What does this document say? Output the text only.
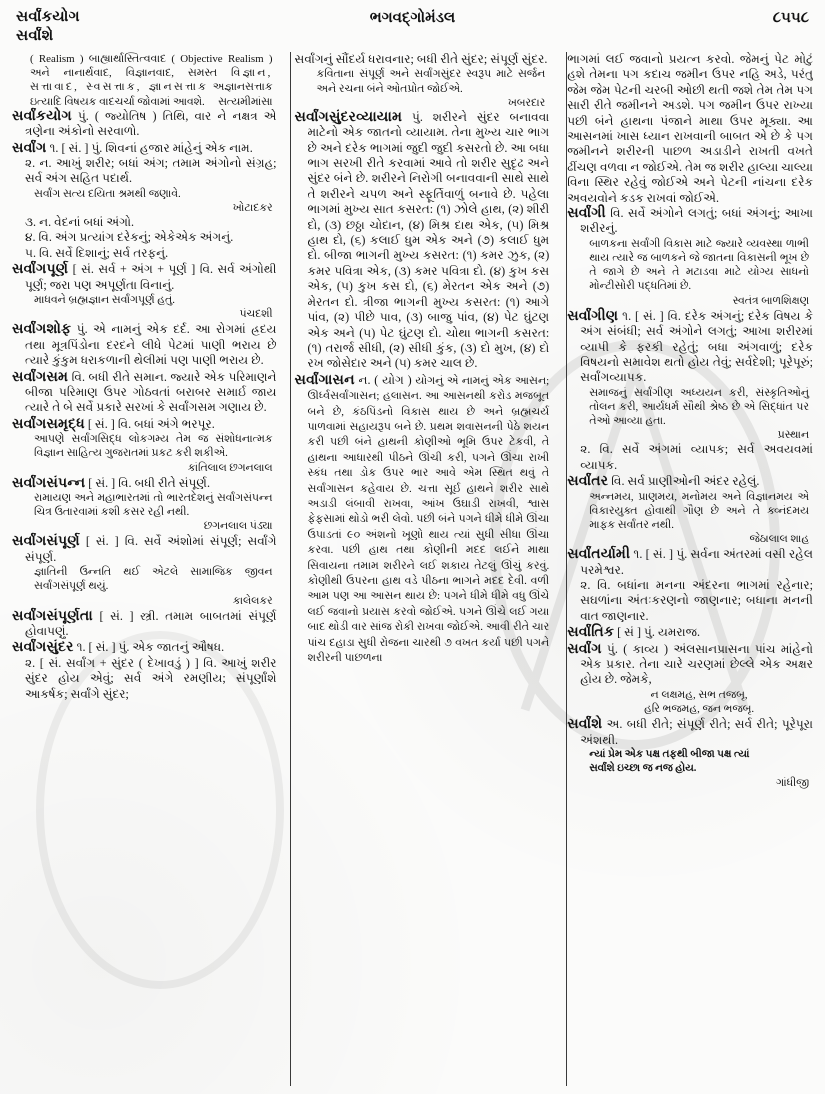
સર્વાંકયોગ
સર્વાંશે
ભગવદ્ગોમંડલ	૮૫૫૮
( Realism ) બાહ્યાર્થાસ્તિત્વવાદ ( Objective Realism ) અને નાનાર્થવાદ, વિજ્ઞાનવાદ, સમસ્ત વિજ્ઞાન, સત્તાવાદ, સ્વસત્તાક, જ્ઞાનસત્તાક અજ્ઞાનસત્તાક ઇત્યાદિ વિષયક વાદચર્ચા જોવામાં આવશે. સત્યમીમાંસા

સર્વાંકયોગ પું. ( જ્યોતિષ ) તિથિ, વાર ને નક્ષત્ર એ ત્રણેના અંકોનો સરવાળો.

સર્વાંગ ૧. [ સં. ] પું. શિવનાં હજાર માંહેનું એક નામ.

૨. ન. આખું શરીર; બધાં અંગ; તમામ અંગોનો સંગ્રહ; સર્વ અંગ સહિત પદાર્થ.

સર્વાંગ સત્ય દયિતા શ્રમથી જણાવે.

ખોટાદકર

૩. ન. વેદનાં બધાં અંગો.

૪. વિ. અંગ પ્રત્યાંગ દરેકનું; એકેએક અંગનું.

૫. વિ. સર્વે દિશાનું; સર્વ તરફનું.

સર્વાંગપૂર્ણ [ સં. સર્વ + અંગ + પૂર્ણ ] વિ. સર્વ અંગોથી પૂર્ણ; જરા પણ અપૂર્ણતા વિનાનું.

માધવને બ્રહ્મજ્ઞાન સર્વાંગપૂર્ણ હતું.

પંચદશી

સર્વાંગશોફ પું. એ નામનું એક દર્દ. આ રોગમાં હ્રદય તથા મૂત્રપિંડોના દરદને લીધે પેટમાં પાણી ભરાય છે ત્યારે કુંકુમ ધરાકળાની થેલીમાં પણ પાણી ભરાય છે.

સર્વાંગસમ વિ. બધી રીતે સમાન. જ્યારે એક પરિમાણને બીજા પરિમાણ ઉપર ગોઠવતાં બરાબર સમાર્ઇ જાય ત્યારે તે બે સર્વે પ્રકારે સરખાં કે સર્વાંગસમ ગણાય છે.

સર્વાંગસમૃદ્ધ [ સં. ] વિ. બધાં અંગે ભરપૂર.

આપણે સર્વાંગસિદ્ધ લોકગમ્ય તેમ જ સંશોધનાત્મક વિજ્ઞાન સાહિત્ય ગુજરાતમાં પ્રકટ કરી શકીએ.

કાંતિલાલ છગનલાલ

સર્વાંગસંપન્ન [ સં. ] વિ. બધી રીતે સંપૂર્ણ.

રામાયણ અને મહાભારતમાં તો ભારતદેશનું સર્વાંગસંપન્ન ચિત્ર ઉતારવામાં કશી કસર રહી નથી.

છગનલાલ પંડ્યા

સર્વાંગસંપૂર્ણ [ સં. ] વિ. સર્વે અંશોમાં સંપૂર્ણ; સર્વાંગે સંપૂર્ણ.

જ્ઞાતિની ઉન્નતિ થઈ એટલે સામાજિક જીવન સર્વાંગસંપૂર્ણ થયું.

કાલેલકર

સર્વાંગસંપૂર્ણતા [ સં. ] સ્ત્રી. તમામ બાબતમાં સંપૂર્ણ હોવાપણું.

સર્વાંગસુંદર ૧. [ સં. ] પું. એક જાતનું ઔષધ.

૨. [ સં. સર્વાંગ + સુંદર ( દેખાવડું ) ] વિ. આખું શરીર સુંદર હોય એવું; સર્વ અંગે રમણીય; સંપૂર્ણાંશે આકર્ષક; સર્વાંગે સુંદર;

સર્વાંગનું સૌંદર્ય ધરાવનાર; બધી રીતે સુંદર; સંપૂર્ણ સુંદર.

કવિતાના સંપૂર્ણ અને સર્વાંગસુંદર સ્વરૂપ માટે સર્જન અને રચના બંને ઓતપ્રોત જોઈએ.

ખબરદાર

સર્વાંગસુંદરવ્યાયામ પું. શરીરને સુંદર બનાવવા માટેનો એક જાતનો વ્યાયામ. તેના મુખ્ય ચાર ભાગ છે અને દરેક ભાગમાં જુદી જુદી કસરતો છે. આ બધા ભાગ સરખી રીતે કરવામાં આવે તો શરીર સુદૃઢ અને સુંદર બંને છે. શરીરને નિરોગી બનાવવાની સાથે સાથે તે શરીરને ચપળ અને સ્ફૂર્તિવાળું બનાવે છે. પહેલા ભાગમાં મુખ્ય સાત કસરત: (૧) ઝોલે હાથ, (૨) શીરી દો, (૩) છઠ્ઠા ચોદાન, (૪) મિશ્ર દાથ એક, (૫) મિશ્ર હાથ દો, (૬) કલાઈ ધુમ એક અને (૭) કલાઈ ધુમ દો. બીજા ભાગની મુખ્ય કસરત: (૧) કમર ઝુક, (૨) કમર પવિત્રા એક, (૩) કમર પવિત્રા દો. (૪) કુખ કસ એક, (૫) કુખ કસ દો, (૬) મેરતન એક અને (૭) મેરતન દો. ત્રીજા ભાગની મુખ્ય કસરત: (૧) આગે પાંવ, (૨) પીછે પાવ, (૩) બાજુ પાંવ, (૪) પેટ ઘુંટણ એક અને (૫) પેટ ઘુંટણ દો. ચોથા ભાગની કસરત: (૧) તરાર્જ સીધી, (૨) સીધી કુંક, (૩) દો મુખ, (૪) દો રખ જોસેદાર અને (૫) કમર ચાલ છે.

સર્વાંગાસન ન. ( યોગ ) યોગનું એ નામનું એક આસન; ઊર્ધ્વસર્વાંગાસન; હલાસન. આ આસનથી કરોડ મજબૂત બને છે, કંઠપિંડનો વિકાસ થાય છે અને બ્રહ્મચર્ય પાળવામાં સહાયરૂપ બને છે. પ્રથમ શવાસનની પેઠે શયન કરી પછી બંને હાથની કોણીઓ ભૂમિ ઉપર ટેકવી, તે હાથના આધારથી પીઠને ઊંચી કરી, પગને ઊંચા રાખી સ્કંધ તથા ડોક ઉપર ભાર આવે એમ સ્થિત થવું તે સર્વાંગાસન કહેવાય છે. ચત્તા સૂર્ઇ હાથને શરીર સાથે અડાડી લંબાવી રાખવા, આંખ ઉઘાડી રાખવી, શ્વાસ ફેફસામાં થોડો ભરી લેવો. પછી બંને પગને ધીમે ધીમે ઊંચા ઉપાડતાં ૯૦ અંશનો ખૂણો થાય ત્યાં સુધી સીધા ઊંચા કરવા. પછી હાથ તથા કોણીની મદદ લઈને માથા સિવાયના તમામ શરીરને લઈ શકાય તેટલું ઊંચું કરવું. કોણીથી ઉપરના હાથ વડે પીઠના ભાગને મદદ દેવી. વળી આમ પણ આ આસન થાય છે: પગને ધીમે ધીમે વધુ ઊંચે લઈ જવાનો પ્રયાસ કરવો જોઈએ. પગને ઊંચે લઈ ગયા બાદ થોડી વાર સાંજ રોકી રાખવા જોઈએ. આવી રીતે ચાર પાંચ દહાડા સુધી રોજના ચારથી ૭ વખત કર્યા પછી પગને શરીરની પાછળના

ભાગમાં લઈ જવાનો પ્રયત્ન કરવો. જેમનું પેટ મોટું હશે તેમના પગ કદાચ જમીન ઉપર નહિ અડે, પરંતુ જેમ જેમ પેટની ચરબી ઓછી થતી જશે તેમ તેમ પગ સારી રીતે જમીનને અડશે. પગ જમીન ઉપર રાખ્યા પછી બંને હાથના પંજાને માથા ઉપર મૂક્યા. આ આસનમાં ખાસ ધ્યાન રાખવાની બાબત એ છે કે પગ જમીનને શરીરની પાછળ અડાડીને રાખતી વખતે ઢીંચણ વળવા ન જોઈએ. તેમ જ શરીર હાલ્યા ચાલ્યા વિના સ્થિર રહેવું જોઈએ અને પેટની નાંચના દરેક અવયવોને કડક રાખવાં જોઈએ.

સર્વાંગી વિ. સર્વે અંગોને લગતું; બધાં અંગનું; આખા શરીરનું.

બાળકના સર્વાંગી વિકાસ માટે જ્યારે વ્યવસ્થા ળાભી થાય ત્યારે જ બાળકને જે જાતના વિકાસની ભૂખ છે તે જાગે છે અને તે મટાડવા માટે યોગ્ય સાધનો મોન્ટીસોરી પદ્ધતિમાં છે.

સ્વતંત્ર બાળશિક્ષણ

સર્વાંગીણ ૧. [ સં. ] વિ. દરેક અંગનું; દરેક વિષય કે અંગ સંબંધી; સર્વ અંગોને લગતું; આખા શરીરમાં વ્યાપી કે ફરકી રહેતું; બધા અંગવાળું; દરેક વિષયનો સમાવેશ થતો હોય તેવું; સર્વદેશી; પૂરેપૂરું; સર્વાંગવ્યાપક.

સમાજનું સર્વાંગીણ અધ્યયન કરી, સંસ્કૃતિઓનું તોલન કરી, આર્યધર્મ સૌથી શ્રેષ્ઠ છે એ સિદ્ધાંત પર તેઓ આવ્યા હતા.

પ્રસ્થાન

૨. વિ. સર્વે અંગમાં વ્યાપક; સર્વ અવયવમાં વ્યાપક.

સર્વાંતર વિ. સર્વ પ્રાણીઓની અંદર રહેલું.

અન્નમય, પ્રાણમય, મનોમય અને વિજ્ઞાનમય એ વિકારયુક્ત હોવાથી ગૌણ છે અને તે ક્વ્નંદમય માફક સર્વાંતર નથી.

જેઠાલાલ શાહ

સર્વાંતર્યામી ૧. [ સં. ] પું. સર્વના અંતરમાં વસી રહેલ પરમેશ્વર.

૨. વિ. બધાંના મનના અંદરના ભાગમાં રહેનાર; સઘળાંના અંતઃકરણનો જાણનાર; બધાના મનની વાત જાણનાર.

સર્વાંતિક [ સં ] પું. યમરાજ.

સર્વાંગ પું. ( કાવ્ય ) અંલસાનપ્રાસના પાંચ માંહેનો એક પ્રકાર. તેના ચારે ચરણમાં છેલ્લે એક અક્ષર હોય છે. જેમકે,

ન લક્ષમહ, સભ તજબૃ,

હરિ ભજમહ, જન ભજબૃ.

સર્વાંશે અ. બધી રીતે; સંપૂર્ણ રીતે; સર્વ રીતે; પૂરેપૂરા અંશથી.

ન્યાં પ્રેમ એક પક્ષ તફથી બીજા પક્ષ ત્યાં

સર્વાંશે ઇચ્છા જ નજ હોય.

ગાંધીજી
